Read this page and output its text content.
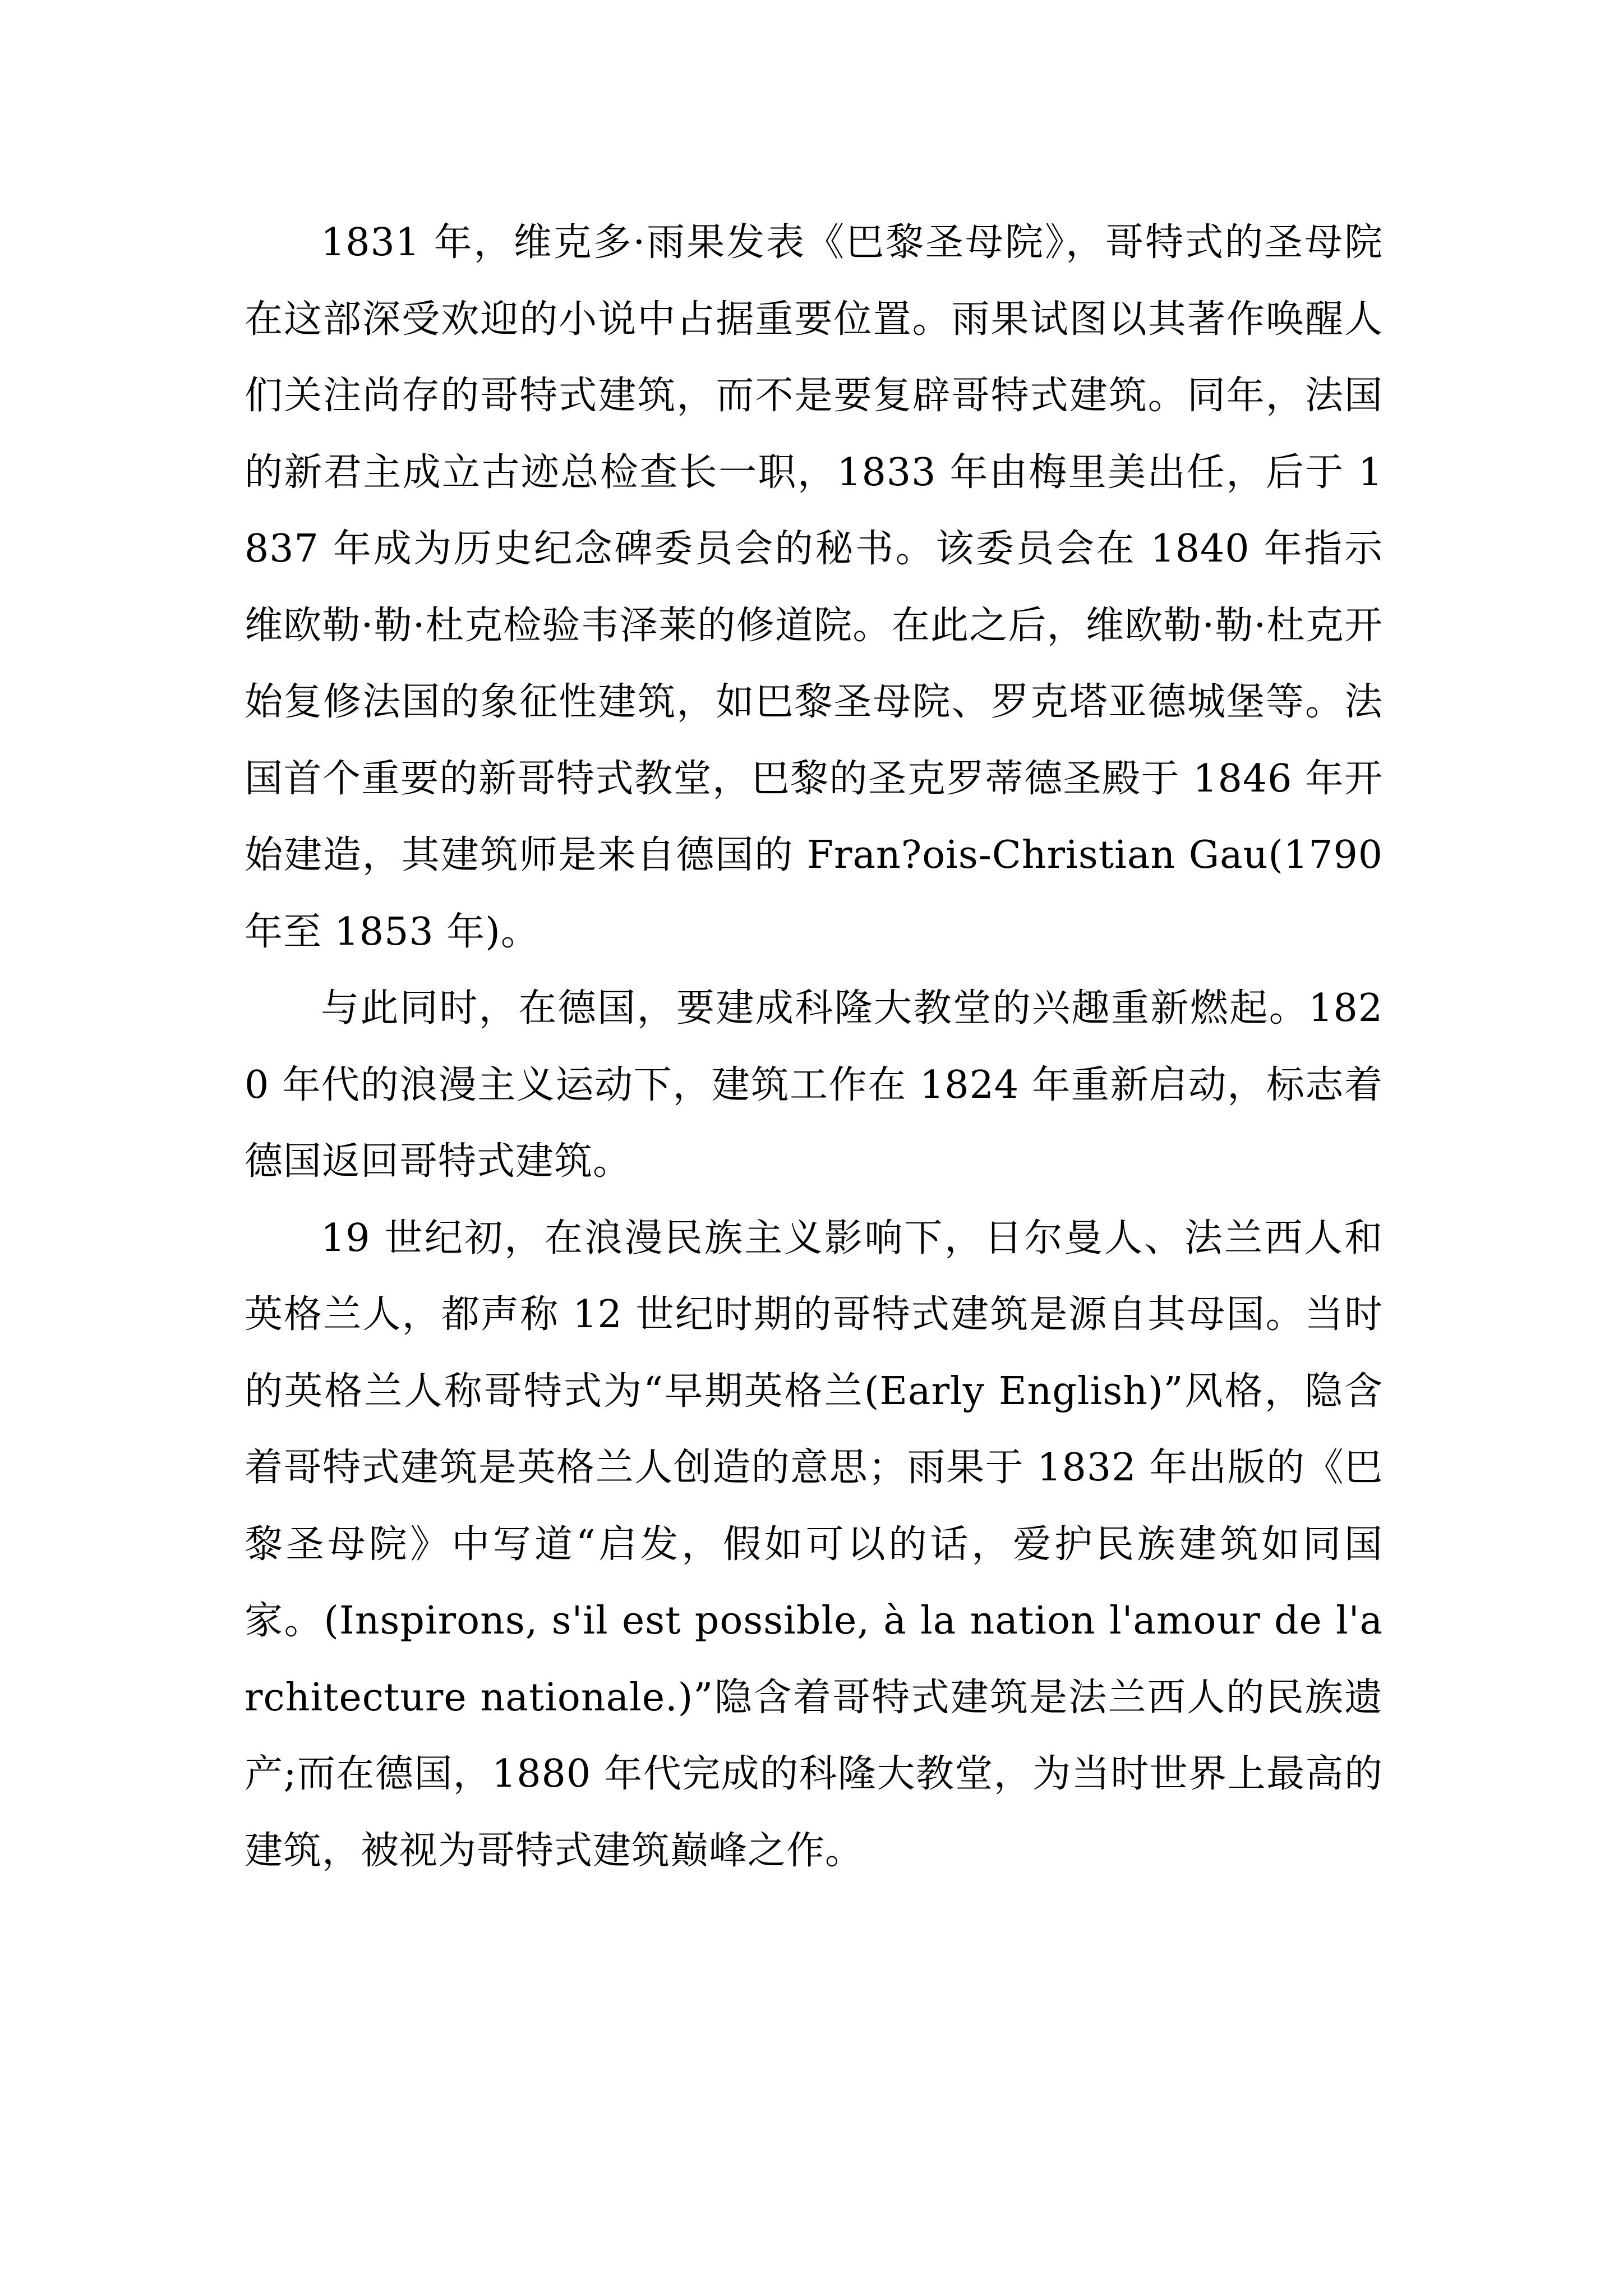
1831 年，维克多·雨果发表《巴黎圣母院》，哥特式的圣母院在这部深受欢迎的小说中占据重要位置。雨果试图以其著作唤醒人们关注尚存的哥特式建筑，而不是要复辟哥特式建筑。同年，法国的新君主成立古迹总检查长一职，1833 年由梅里美出任，后于 1837 年成为历史纪念碑委员会的秘书。该委员会在 1840 年指示维欧勒·勒·杜克检验韦泽莱的修道院。在此之后，维欧勒·勒·杜克开始复修法国的象征性建筑，如巴黎圣母院、罗克塔亚德城堡等。法国首个重要的新哥特式教堂，巴黎的圣克罗蒂德圣殿于 1846 年开始建造，其建筑师是来自德国的 Fran?ois-Christian Gau(1790 年至 1853 年)。

与此同时，在德国，要建成科隆大教堂的兴趣重新燃起。1820 年代的浪漫主义运动下，建筑工作在 1824 年重新启动，标志着德国返回哥特式建筑。

19 世纪初，在浪漫民族主义影响下，日尔曼人、法兰西人和英格兰人，都声称 12 世纪时期的哥特式建筑是源自其母国。当时的英格兰人称哥特式为“早期英格兰(Early English)”风格，隐含着哥特式建筑是英格兰人创造的意思；雨果于 1832 年出版的《巴黎圣母院》中写道“启发，假如可以的话，爱护民族建筑如同国家。(Inspirons, s'il est possible, à la nation l'amour de l'architecture nationale.)”隐含着哥特式建筑是法兰西人的民族遗产;而在德国，1880 年代完成的科隆大教堂，为当时世界上最高的建筑，被视为哥特式建筑巅峰之作。
